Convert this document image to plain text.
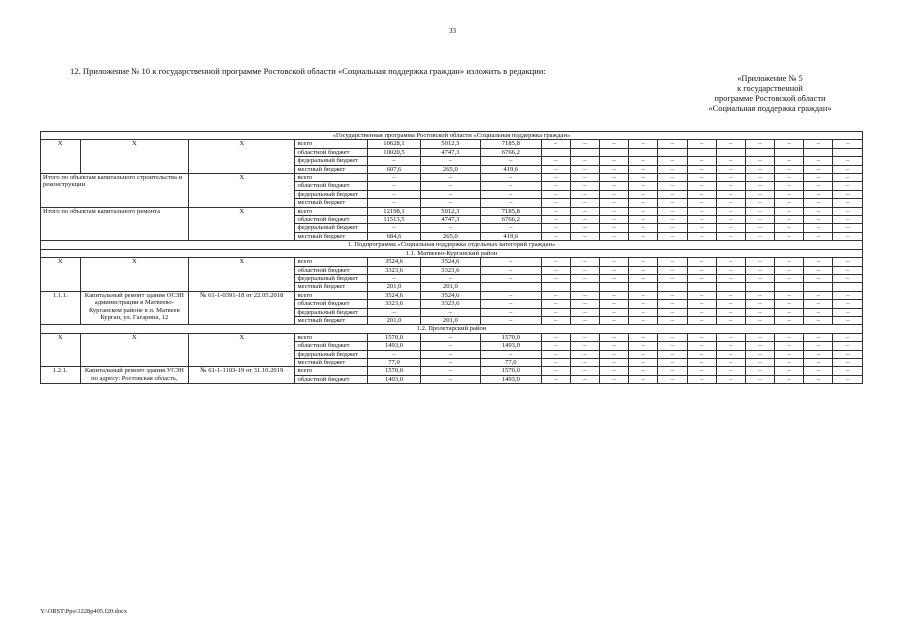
33
12. Приложение № 10 к государственной программе Ростовской области «Социальная поддержка граждан» изложить в редакции:
«Приложение № 5
к государственной
программе Ростовской области
«Социальная поддержка граждан»
«Государственная программа Ростовской области «Социальная поддержка граждан»																	
X	X	X	всего	10628,1	5012,3	7185,8	–	–	–	–	–	–	–	–	–	–	–
			областной бюджет	10020,5	4747,3	6766,2											
			федеральный бюджет	–	–	–	–	–	–	–	–	–	–	–	–	–	–
			местный бюджет	607,6	265,0	419,6	–	–	–	–	–	–	–	–	–	–	–
Итого по объектам капитального строительства и реконструкции		X	всего	–	–	–	–	–	–	–	–	–	–	–	–	–	–
			областной бюджет	–	–	–	–	–	–	–	–	–	–	–	–	–	–
			федеральный бюджет	–	–	–	–	–	–	–	–	–	–	–	–	–	–
			местный бюджет	–	–	–	–	–	–	–	–	–	–	–	–	–	–
Итого по объектам капитального ремонта		X	всего	12198,1	5012,3	7185,8	–	–	–	–	–	–	–	–	–	–	–
			областной бюджет	11513,5	4747,3	6766,2	–	–	–	–	–	–	–	–	–	–	–
			федеральный бюджет	–	–	–	–	–	–	–	–	–	–	–	–	–	–
			местный бюджет	684,6	265,0	419,6	–	–	–	–	–	–	–	–	–	–	–
1. Подпрограмма «Социальная поддержка отдельных категорий граждан»																	
1.1. Матвеево-Курганский район																	
X	X	X	всего	3524,6	3524,6	–	–	–	–	–	–	–	–	–	–	–	–
			областной бюджет	3323,6	3323,6	–	–	–	–	–	–	–	–	–	–	–	–
			федеральный бюджет	–	–	–	–	–	–	–	–	–	–	–	–	–	–
			местный бюджет	201,0	201,0												
1.1.1.	Капитальный ремонт здания ОСЗН администрации в Матвеево-Курганском районе в п. Матвеев Курган, ул. Гагарина, 12	№ 61-1-0391-18 от 22.05.2018	всего	3524,6	3524,6	–	–	–	–	–	–	–	–	–	–	–	–
			областной бюджет	3323,6	3323,6	–	–	–	–	–	–	–	–	–	–	–	–
			федеральный бюджет	–	–	–	–	–	–	–	–	–	–	–	–	–	–
			местный бюджет	201,0	201,0	–	–	–	–	–	–	–	–	–	–	–	–
1.2. Пролетарский район																	
X	X	X	всего	1570,0	–	1570,0	–	–	–	–	–	–	–	–	–	–	–
			областной бюджет	1493,0	–	1493,0	–	–	–	–	–	–	–	–	–	–	–
			федеральный бюджет	–	–	–	–	–	–	–	–	–	–	–	–	–	–
			местный бюджет	77,0	–	77,0	–	–	–	–	–	–	–	–	–	–	–
1.2.1.	Капитальный ремонт здания УСЗН по адресу: Ростовская область,	№ 61-1-1103-19 от 31.10.2019	всего	1570,0	–	1570,0	–	–	–	–	–	–	–	–	–	–	–
			областной бюджет	1493,0	–	1493,0	–	–	–	–	–	–	–	–	–	–	–
Y:\ORST\Ppo\1228p405.f20.docx
